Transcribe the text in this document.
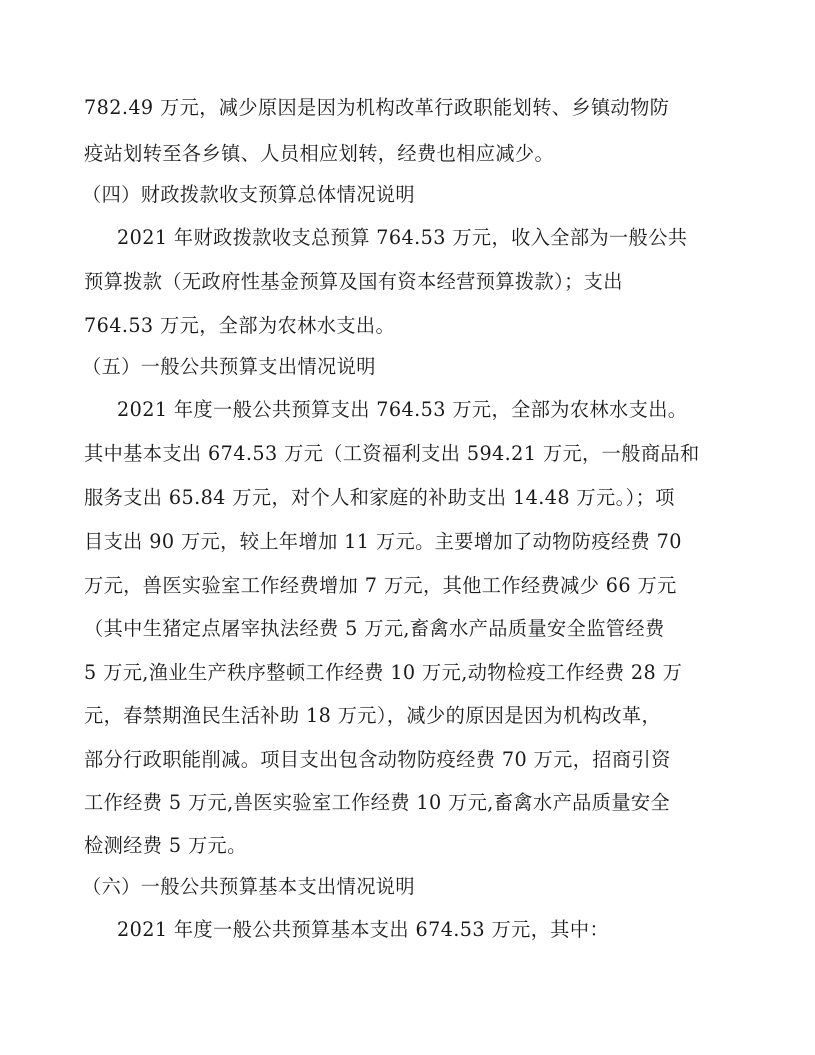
782.49 万元，减少原因是因为机构改革行政职能划转、乡镇动物防
疫站划转至各乡镇、人员相应划转，经费也相应减少。
（四）财政拨款收支预算总体情况说明
2021 年财政拨款收支总预算 764.53 万元，收入全部为一般公共
预算拨款（无政府性基金预算及国有资本经营预算拨款）；支出
764.53 万元，全部为农林水支出。
（五）一般公共预算支出情况说明
2021 年度一般公共预算支出 764.53 万元，全部为农林水支出。
其中基本支出 674.53 万元（工资福利支出 594.21 万元，一般商品和
服务支出 65.84 万元，对个人和家庭的补助支出 14.48 万元。）；项
目支出 90 万元，较上年增加 11 万元。主要增加了动物防疫经费 70
万元，兽医实验室工作经费增加 7 万元，其他工作经费减少 66 万元
（其中生猪定点屠宰执法经费 5 万元,畜禽水产品质量安全监管经费
5 万元,渔业生产秩序整顿工作经费 10 万元,动物检疫工作经费 28 万
元，春禁期渔民生活补助 18 万元），减少的原因是因为机构改革，
部分行政职能削减。项目支出包含动物防疫经费 70 万元，招商引资
工作经费 5 万元,兽医实验室工作经费 10 万元,畜禽水产品质量安全
检测经费 5 万元。
（六）一般公共预算基本支出情况说明
2021 年度一般公共预算基本支出 674.53 万元，其中：
